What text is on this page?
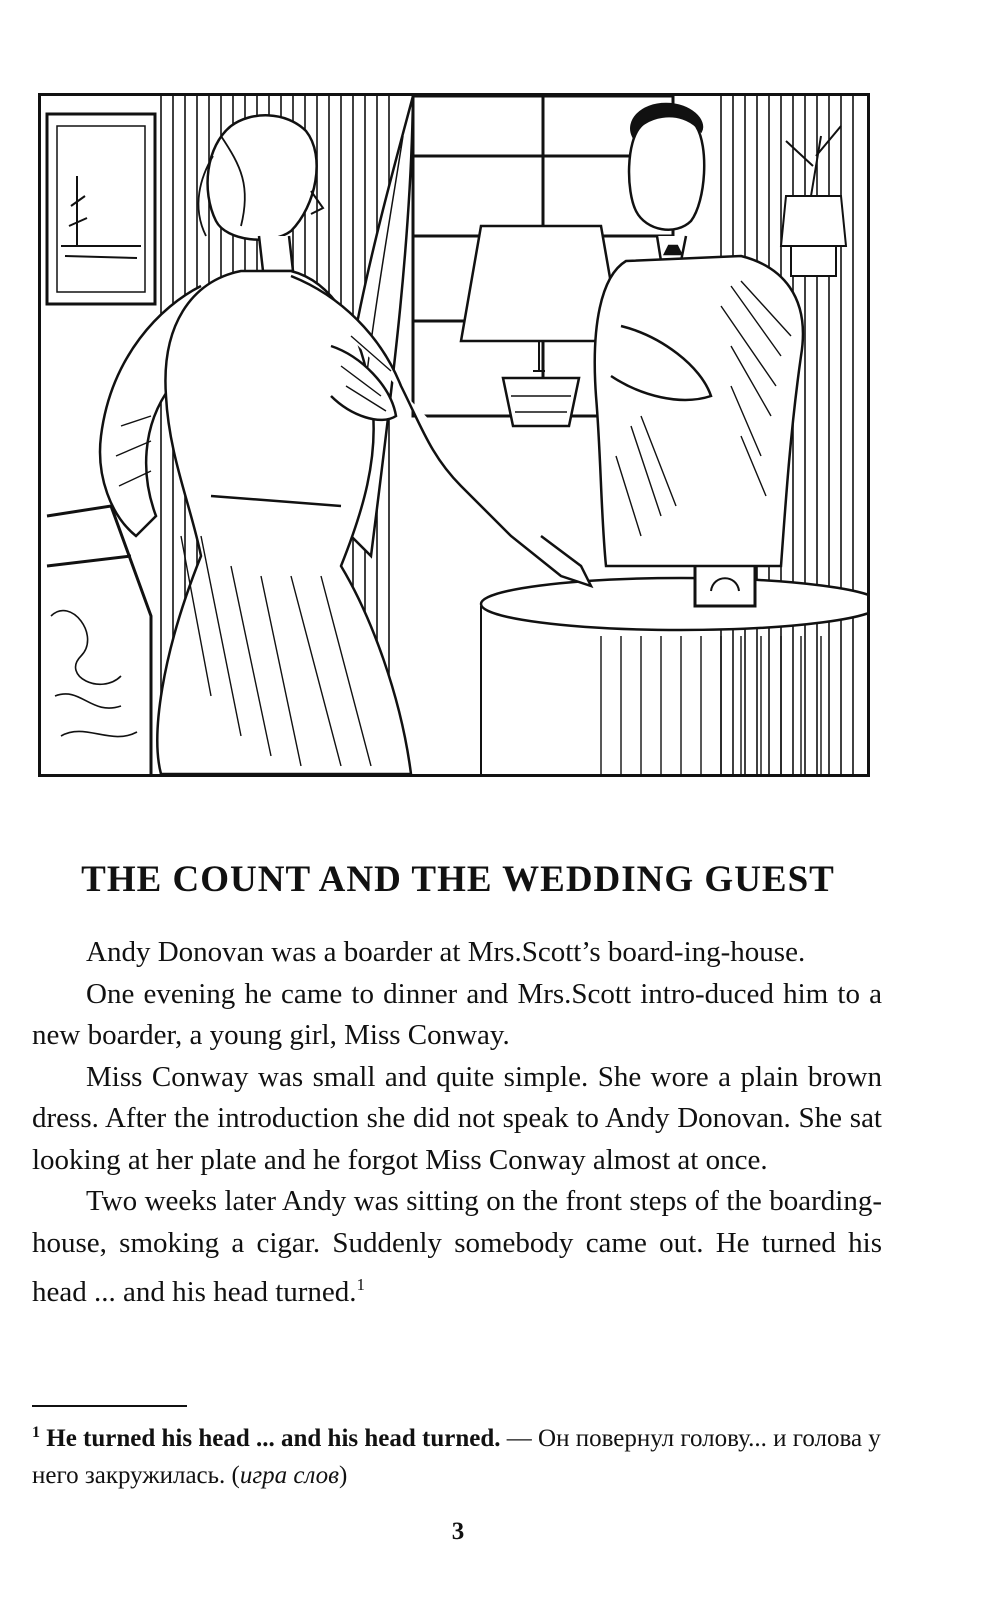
THE COUNT AND THE WEDDING GUEST

Andy Donovan was a boarder at Mrs.Scott’s board-ing-house.

One evening he came to dinner and Mrs.Scott intro-duced him to a new boarder, a young girl, Miss Conway.

Miss Conway was small and quite simple. She wore a plain brown dress. After the introduction she did not speak to Andy Donovan. She sat looking at her plate and he forgot Miss Conway almost at once.

Two weeks later Andy was sitting on the front steps of the boarding-house, smoking a cigar. Suddenly somebody came out. He turned his head ... and his head turned.$^1$

$^1$ He turned his head ... and his head turned. — Он повернул голову... и голова у него закружилась. (игра слов)
3
